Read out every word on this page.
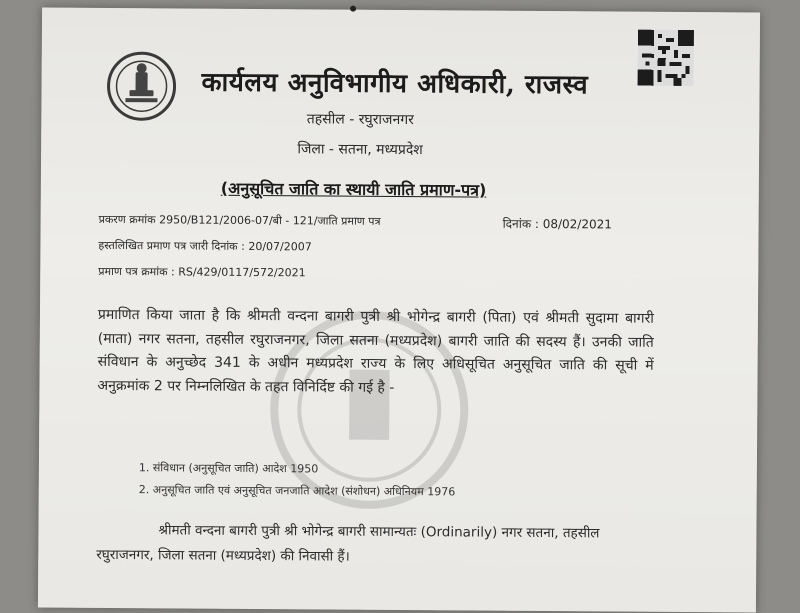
कार्यलय अनुविभागीय अधिकारी, राजस्व
तहसील - रघुराजनगर
जिला - सतना, मध्यप्रदेश
(अनुसूचित जाति का स्थायी जाति प्रमाण-पत्र)
प्रकरण क्रमांक 2950/B121/2006-07/बी - 121/जाति प्रमाण पत्र	दिनांक : 08/02/2021
हस्तलिखित प्रमाण पत्र जारी दिनांक : 20/07/2007
प्रमाण पत्र क्रमांक : RS/429/0117/572/2021
प्रमाणित किया जाता है कि श्रीमती वन्दना बागरी पुत्री श्री भोगेन्द्र बागरी (पिता) एवं श्रीमती सुदामा बागरी (माता) नगर सतना, तहसील रघुराजनगर, जिला सतना (मध्यप्रदेश) बागरी जाति की सदस्य हैं। उनकी जाति संविधान के अनुच्छेद 341 के अधीन मध्यप्रदेश राज्य के लिए अधिसूचित अनुसूचित जाति की सूची में अनुक्रमांक 2 पर निम्नलिखित के तहत विनिर्दिष्ट की गई है -
1. संविधान (अनुसूचित जाति) आदेश 1950
2. अनुसूचित जाति एवं अनुसूचित जनजाति आदेश (संशोधन) अधिनियम 1976
श्रीमती वन्दना बागरी पुत्री श्री भोगेन्द्र बागरी सामान्यतः (Ordinarily) नगर सतना, तहसील रघुराजनगर, जिला सतना (मध्यप्रदेश) की निवासी हैं।
